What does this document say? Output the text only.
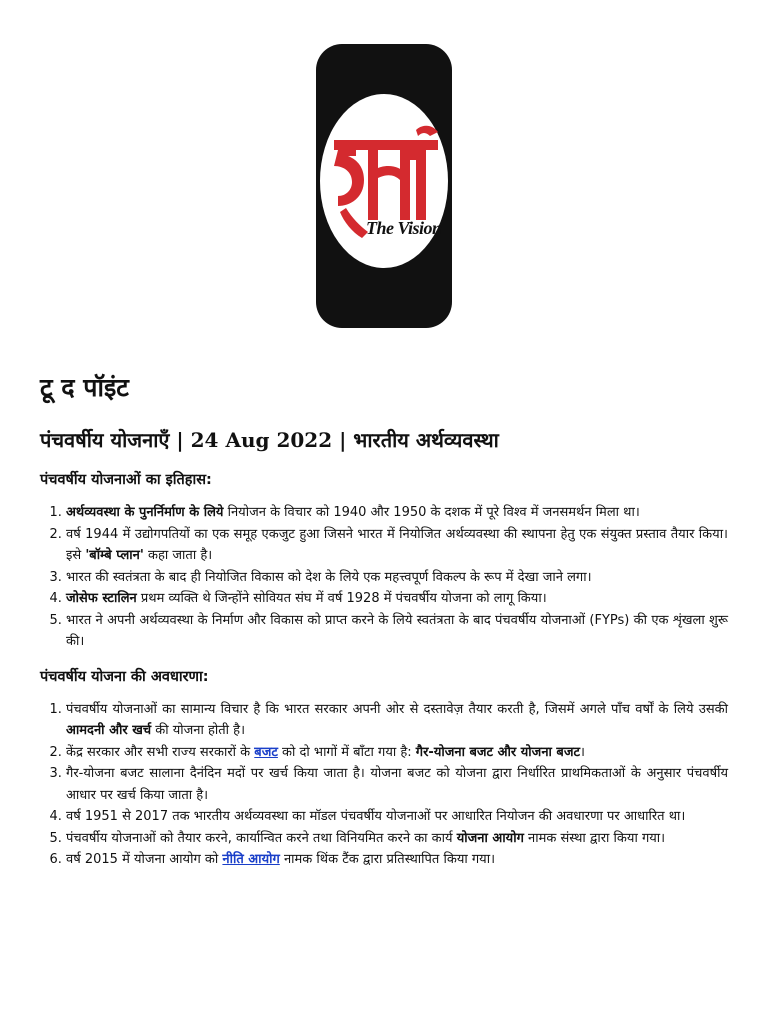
The Vision
टू द पॉइंट
पंचवर्षीय योजनाएँ | 24 Aug 2022 | भारतीय अर्थव्यवस्था
पंचवर्षीय योजनाओं का इतिहास:
1. अर्थव्यवस्था के पुनर्निर्माण के लिये नियोजन के विचार को 1940 और 1950 के दशक में पूरे विश्व में जनसमर्थन मिला था।
2. वर्ष 1944 में उद्योगपतियों का एक समूह एकजुट हुआ जिसने भारत में नियोजित अर्थव्यवस्था की स्थापना हेतु एक संयुक्त प्रस्ताव तैयार किया। इसे 'बॉम्बे प्लान' कहा जाता है।
3. भारत की स्वतंत्रता के बाद ही नियोजित विकास को देश के लिये एक महत्त्वपूर्ण विकल्प के रूप में देखा जाने लगा।
4. जोसेफ स्टालिन प्रथम व्यक्ति थे जिन्होंने सोवियत संघ में वर्ष 1928 में पंचवर्षीय योजना को लागू किया।
5. भारत ने अपनी अर्थव्यवस्था के निर्माण और विकास को प्राप्त करने के लिये स्वतंत्रता के बाद पंचवर्षीय योजनाओं (FYPs) की एक शृंखला शुरू की।
पंचवर्षीय योजना की अवधारणा:
1. पंचवर्षीय योजनाओं का सामान्य विचार है कि भारत सरकार अपनी ओर से दस्तावेज़ तैयार करती है, जिसमें अगले पाँच वर्षों के लिये उसकी आमदनी और खर्च की योजना होती है।
2. केंद्र सरकार और सभी राज्य सरकारों के बजट को दो भागों में बाँटा गया है: गैर-योजना बजट और योजना बजट।
3. गैर-योजना बजट सालाना दैनंदिन मदों पर खर्च किया जाता है। योजना बजट को योजना द्वारा निर्धारित प्राथमिकताओं के अनुसार पंचवर्षीय आधार पर खर्च किया जाता है।
4. वर्ष 1951 से 2017 तक भारतीय अर्थव्यवस्था का मॉडल पंचवर्षीय योजनाओं पर आधारित नियोजन की अवधारणा पर आधारित था।
5. पंचवर्षीय योजनाओं को तैयार करने, कार्यान्वित करने तथा विनियमित करने का कार्य योजना आयोग नामक संस्था द्वारा किया गया।
6. वर्ष 2015 में योजना आयोग को नीति आयोग नामक थिंक टैंक द्वारा प्रतिस्थापित किया गया।
